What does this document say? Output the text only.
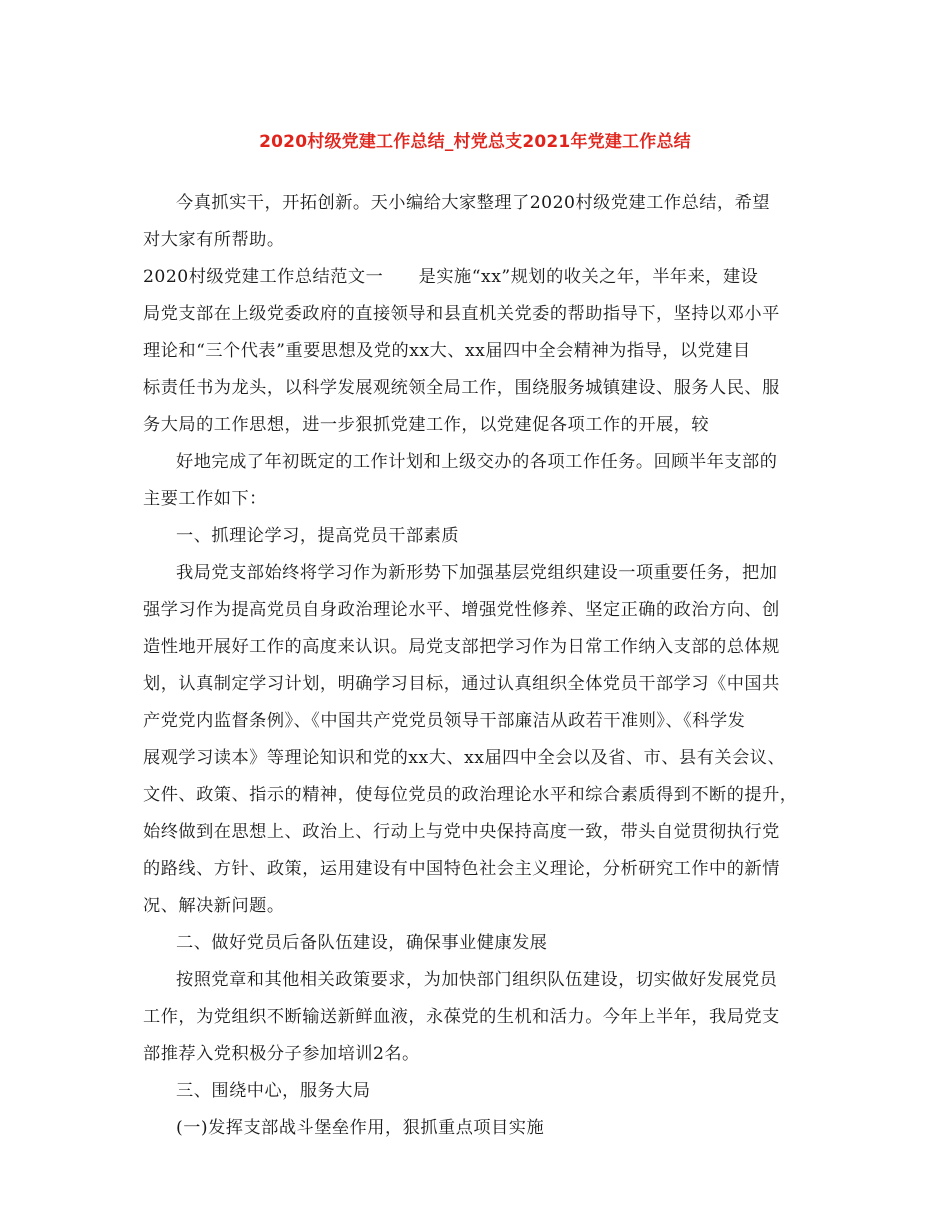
2020村级党建工作总结_村党总支2021年党建工作总结
今真抓实干，开拓创新。天小编给大家整理了2020村级党建工作总结，希望
对大家有所帮助。
2020村级党建工作总结范文一　　是实施“xx”规划的收关之年，半年来，建设
局党支部在上级党委政府的直接领导和县直机关党委的帮助指导下，坚持以邓小平
理论和“三个代表”重要思想及党的xx大、xx届四中全会精神为指导，以党建目
标责任书为龙头，以科学发展观统领全局工作，围绕服务城镇建设、服务人民、服
务大局的工作思想，进一步狠抓党建工作，以党建促各项工作的开展，较
好地完成了年初既定的工作计划和上级交办的各项工作任务。回顾半年支部的
主要工作如下：
一、抓理论学习，提高党员干部素质
我局党支部始终将学习作为新形势下加强基层党组织建设一项重要任务，把加
强学习作为提高党员自身政治理论水平、增强党性修养、坚定正确的政治方向、创
造性地开展好工作的高度来认识。局党支部把学习作为日常工作纳入支部的总体规
划，认真制定学习计划，明确学习目标，通过认真组织全体党员干部学习《中国共
产党党内监督条例》、《中国共产党党员领导干部廉洁从政若干准则》、《科学发
展观学习读本》等理论知识和党的xx大、xx届四中全会以及省、市、县有关会议、
文件、政策、指示的精神，使每位党员的政治理论水平和综合素质得到不断的提升，
始终做到在思想上、政治上、行动上与党中央保持高度一致，带头自觉贯彻执行党
的路线、方针、政策，运用建设有中国特色社会主义理论，分析研究工作中的新情
况、解决新问题。
二、做好党员后备队伍建设，确保事业健康发展
按照党章和其他相关政策要求，为加快部门组织队伍建设，切实做好发展党员
工作，为党组织不断输送新鲜血液，永葆党的生机和活力。今年上半年，我局党支
部推荐入党积极分子参加培训2名。
三、围绕中心，服务大局
(一)发挥支部战斗堡垒作用，狠抓重点项目实施
